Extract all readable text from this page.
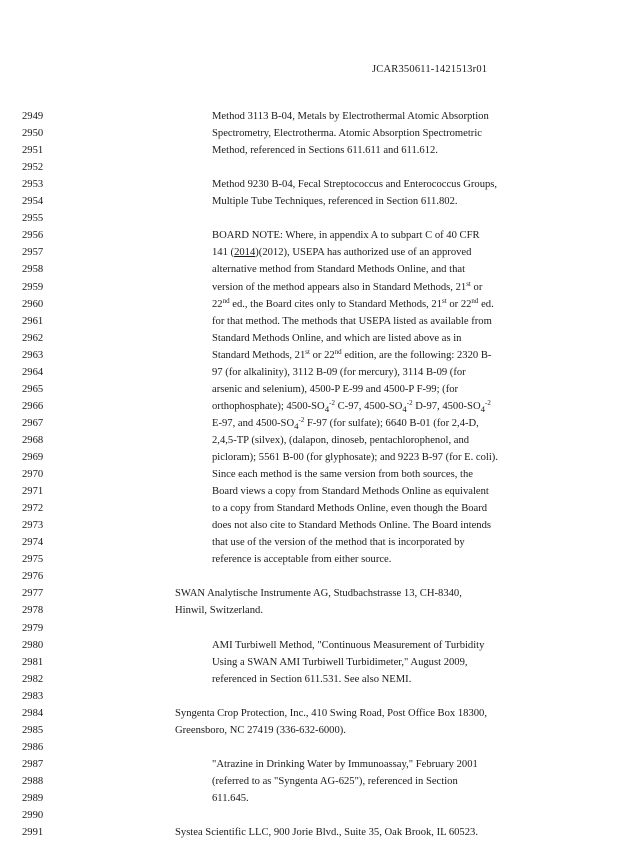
JCAR350611-1421513r01
2949	Method 3113 B-04, Metals by Electrothermal Atomic Absorption
2950	Spectrometry, Electrotherma. Atomic Absorption Spectrometric
2951	Method, referenced in Sections 611.611 and 611.612.
2952
2953	Method 9230 B-04, Fecal Streptococcus and Enterococcus Groups,
2954	Multiple Tube Techniques, referenced in Section 611.802.
2955
2956	BOARD NOTE: Where, in appendix A to subpart C of 40 CFR
2957	141 (2014)(2012), USEPA has authorized use of an approved
2958	alternative method from Standard Methods Online, and that
2959	version of the method appears also in Standard Methods, 21st or
2960	22nd ed., the Board cites only to Standard Methods, 21st or 22nd ed.
2961	for that method. The methods that USEPA listed as available from
2962	Standard Methods Online, and which are listed above as in
2963	Standard Methods, 21st or 22nd edition, are the following: 2320 B-
2964	97 (for alkalinity), 3112 B-09 (for mercury), 3114 B-09 (for
2965	arsenic and selenium), 4500-P E-99 and 4500-P F-99; (for
2966	orthophosphate); $4500-SO_4^{-2}$ C-97, $4500-SO_4^{-2}$ D-97, $4500-SO_4^{-2}$
2967	E-97, and $4500-SO_4^{-2}$ F-97 (for sulfate); 6640 B-01 (for 2,4-D,
2968	2,4,5-TP (silvex), (dalapon, dinoseb, pentachlorophenol, and
2969	picloram); 5561 B-00 (for glyphosate); and 9223 B-97 (for E. coli).
2970	Since each method is the same version from both sources, the
2971	Board views a copy from Standard Methods Online as equivalent
2972	to a copy from Standard Methods Online, even though the Board
2973	does not also cite to Standard Methods Online. The Board intends
2974	that use of the version of the method that is incorporated by
2975	reference is acceptable from either source.
2976
2977	SWAN Analytische Instrumente AG, Studbachstrasse 13, CH-8340,
2978	Hinwil, Switzerland.
2979
2980	AMI Turbiwell Method, "Continuous Measurement of Turbidity
2981	Using a SWAN AMI Turbiwell Turbidimeter," August 2009,
2982	referenced in Section 611.531. See also NEMI.
2983
2984	Syngenta Crop Protection, Inc., 410 Swing Road, Post Office Box 18300,
2985	Greensboro, NC 27419 (336-632-6000).
2986
2987	"Atrazine in Drinking Water by Immunoassay," February 2001
2988	(referred to as "Syngenta AG-625"), referenced in Section
2989	611.645.
2990
2991	Systea Scientific LLC, 900 Jorie Blvd., Suite 35, Oak Brook, IL 60523.
